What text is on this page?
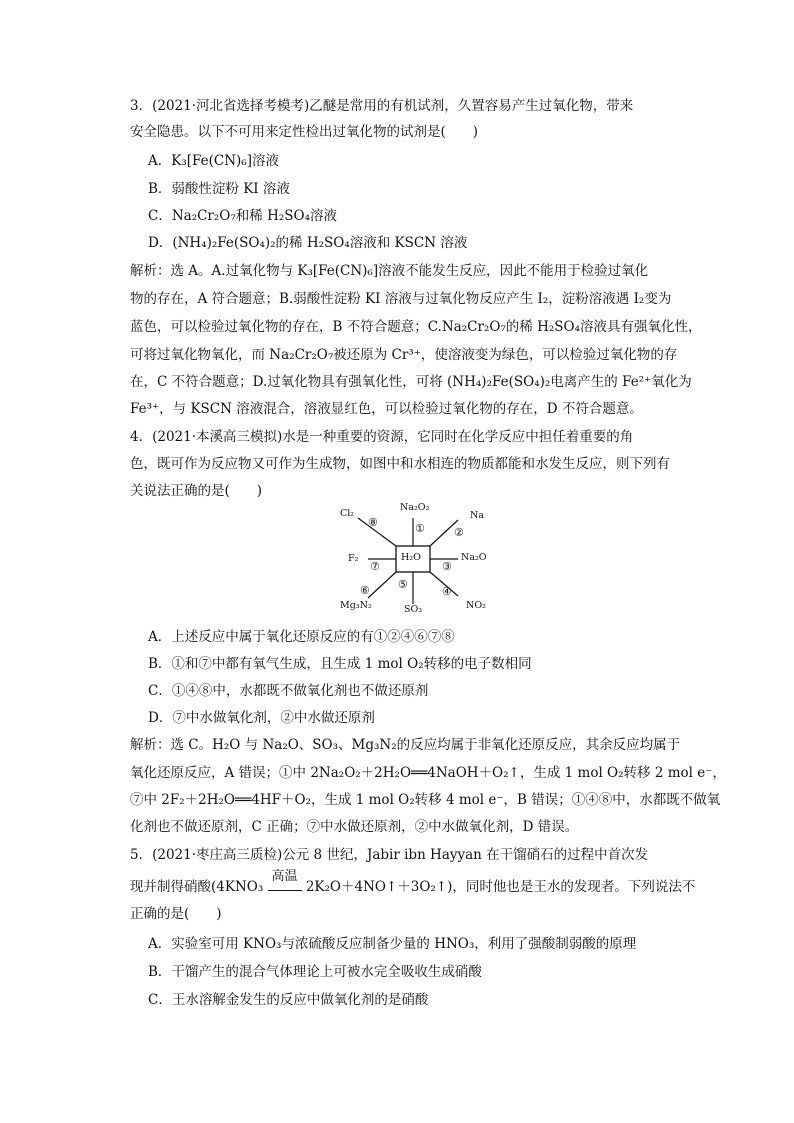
3．(2021·河北省选择考模考)乙醚是常用的有机试剂，久置容易产生过氧化物，带来
安全隐患。以下不可用来定性检出过氧化物的试剂是(　　)
A．K₃[Fe(CN)₆]溶液
B．弱酸性淀粉 KI 溶液
C．Na₂Cr₂O₇和稀 H₂SO₄溶液
D．(NH₄)₂Fe(SO₄)₂的稀 H₂SO₄溶液和 KSCN 溶液
解析：选 A。A.过氧化物与 K₃[Fe(CN)₆]溶液不能发生反应，因此不能用于检验过氧化
物的存在，A 符合题意；B.弱酸性淀粉 KI 溶液与过氧化物反应产生 I₂，淀粉溶液遇 I₂变为
蓝色，可以检验过氧化物的存在，B 不符合题意；C.Na₂Cr₂O₇的稀 H₂SO₄溶液具有强氧化性，
可将过氧化物氧化，而 Na₂Cr₂O₇被还原为 Cr³⁺，使溶液变为绿色，可以检验过氧化物的存
在，C 不符合题意；D.过氧化物具有强氧化性，可将 (NH₄)₂Fe(SO₄)₂电离产生的 Fe²⁺氧化为
Fe³⁺，与 KSCN 溶液混合，溶液显红色，可以检验过氧化物的存在，D 不符合题意。
4．(2021·本溪高三模拟)水是一种重要的资源，它同时在化学反应中担任着重要的角
色，既可作为反应物又可作为生成物，如图中和水相连的物质都能和水发生反应，则下列有
关说法正确的是(　　)
H₂O
Na₂O₂
Na
Na₂O
NO₂
SO₃
Mg₃N₂
F₂
Cl₂
①	②
③
④
⑤
⑥
⑦
⑧
A．上述反应中属于氧化还原反应的有①②④⑥⑦⑧
B．①和⑦中都有氧气生成，且生成 1 mol O₂转移的电子数相同
C．①④⑧中，水都既不做氧化剂也不做还原剂
D．⑦中水做氧化剂，②中水做还原剂
解析：选 C。H₂O 与 Na₂O、SO₃、Mg₃N₂的反应均属于非氧化还原反应，其余反应均属于
氧化还原反应，A 错误；①中 2Na₂O₂＋2H₂O══4NaOH＋O₂↑，生成 1 mol O₂转移 2 mol e⁻，
⑦中 2F₂＋2H₂O══4HF＋O₂，生成 1 mol O₂转移 4 mol e⁻，B 错误；①④⑧中，水都既不做氧
化剂也不做还原剂，C 正确；⑦中水做还原剂，②中水做氧化剂，D 错误。
5．(2021·枣庄高三质检)公元 8 世纪，Jabir ibn Hayyan 在干馏硝石的过程中首次发
现并制得硝酸(4KNO₃
高温
2K₂O＋4NO↑＋3O₂↑)，同时他也是王水的发现者。下列说法不
正确的是(　　)
A．实验室可用 KNO₃与浓硫酸反应制备少量的 HNO₃，利用了强酸制弱酸的原理
B．干馏产生的混合气体理论上可被水完全吸收生成硝酸
C．王水溶解金发生的反应中做氧化剂的是硝酸
